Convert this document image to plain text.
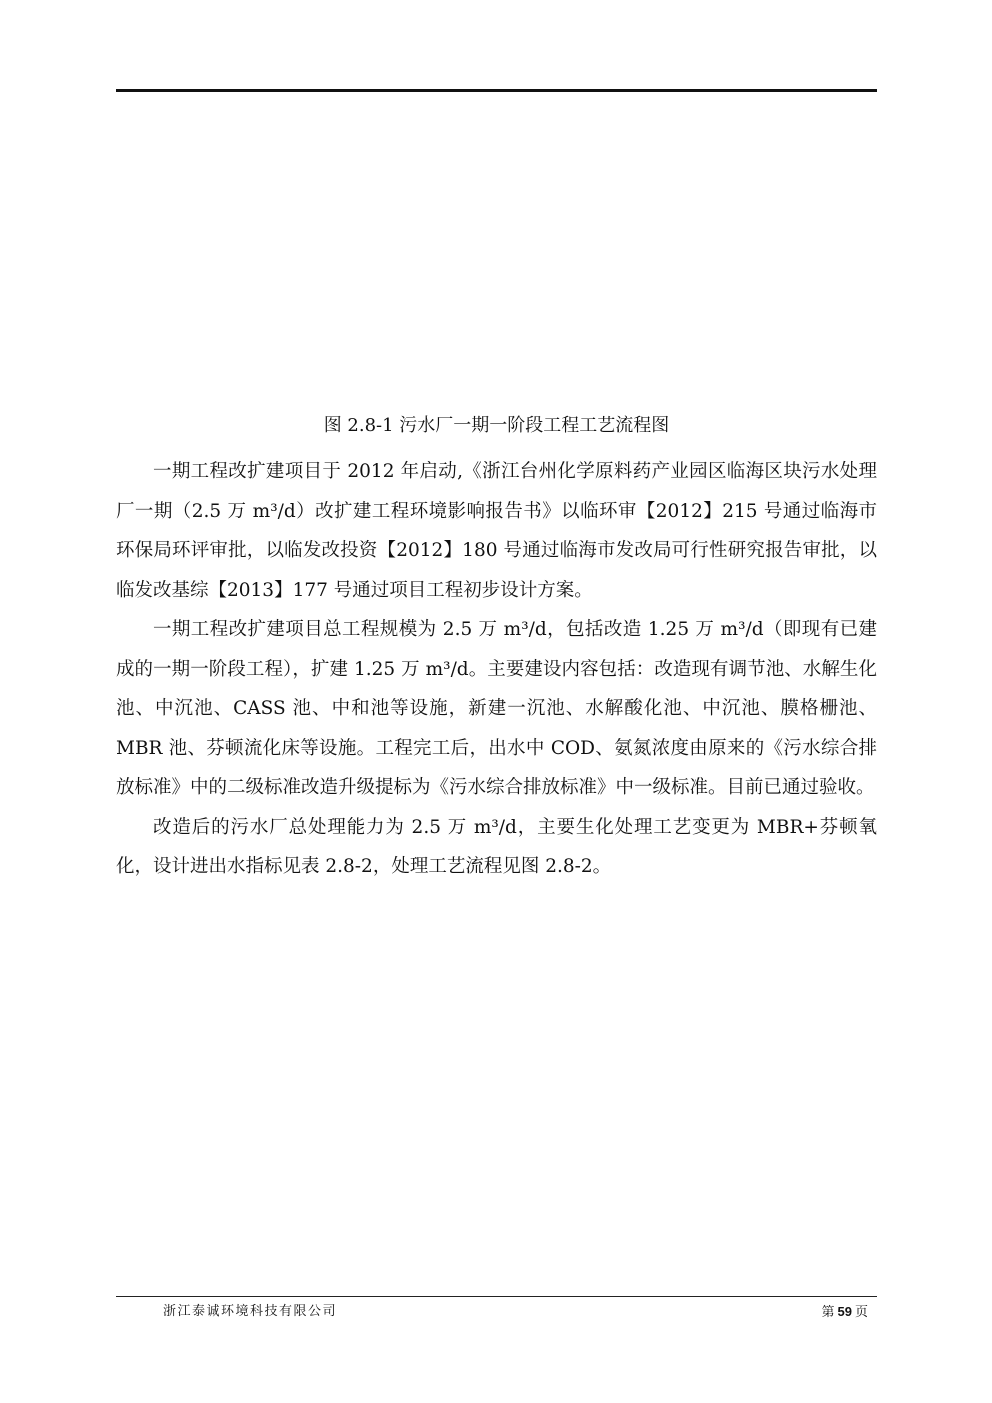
图 2.8-1 污水厂一期一阶段工程工艺流程图

一期工程改扩建项目于 2012 年启动,《浙江台州化学原料药产业园区临海区块污水处理厂一期（2.5 万 m³/d）改扩建工程环境影响报告书》以临环审【2012】215 号通过临海市环保局环评审批，以临发改投资【2012】180 号通过临海市发改局可行性研究报告审批，以临发改基综【2013】177 号通过项目工程初步设计方案。

一期工程改扩建项目总工程规模为 2.5 万 m³/d，包括改造 1.25 万 m³/d（即现有已建成的一期一阶段工程），扩建 1.25 万 m³/d。主要建设内容包括：改造现有调节池、水解生化池、中沉池、CASS 池、中和池等设施，新建一沉池、水解酸化池、中沉池、膜格栅池、MBR 池、芬顿流化床等设施。工程完工后，出水中 COD、氨氮浓度由原来的《污水综合排放标准》中的二级标准改造升级提标为《污水综合排放标准》中一级标准。目前已通过验收。

改造后的污水厂总处理能力为 2.5 万 m³/d，主要生化处理工艺变更为 MBR+芬顿氧化，设计进出水指标见表 2.8-2，处理工艺流程见图 2.8-2。

浙江泰诚环境科技有限公司	第 59 页
